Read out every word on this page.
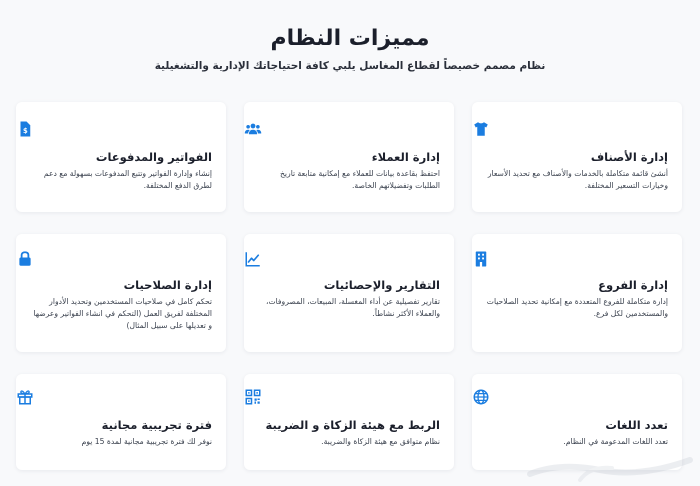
مميزات النظام

نظام مصمم خصيصاً لقطاع المغاسل يلبي كافة احتياجاتك الإدارية والتشغيلية

إدارة الأصناف

أنشئ قائمة متكاملة بالخدمات والأصناف مع تحديد الأسعار وخيارات التسعير المختلفة.

إدارة العملاء

احتفظ بقاعدة بيانات للعملاء مع إمكانية متابعة تاريخ الطلبات وتفضيلاتهم الخاصة.

$
الفواتير والمدفوعات

إنشاء وإدارة الفواتير وتتبع المدفوعات بسهولة مع دعم لطرق الدفع المختلفة.

إدارة الفروع

إدارة متكاملة للفروع المتعددة مع إمكانية تحديد الصلاحيات والمستخدمين لكل فرع.

التقارير والإحصائيات

تقارير تفصيلية عن أداء المغسلة، المبيعات، المصروفات، والعملاء الأكثر نشاطاً.

إدارة الصلاحيات

تحكم كامل في صلاحيات المستخدمين وتحديد الأدوار المختلفة لفريق العمل (التحكم في انشاء الفواتير وعرضها و تعديلها على سبيل المثال)

تعدد اللغات

تعدد اللغات المدعومة في النظام.

الربط مع هيئة الزكاة و الضريبة

نظام متوافق مع هيئة الزكاة والضريبة.

فترة تجريبية مجانية

نوفر لك فترة تجريبية مجانية لمدة 15 يوم
